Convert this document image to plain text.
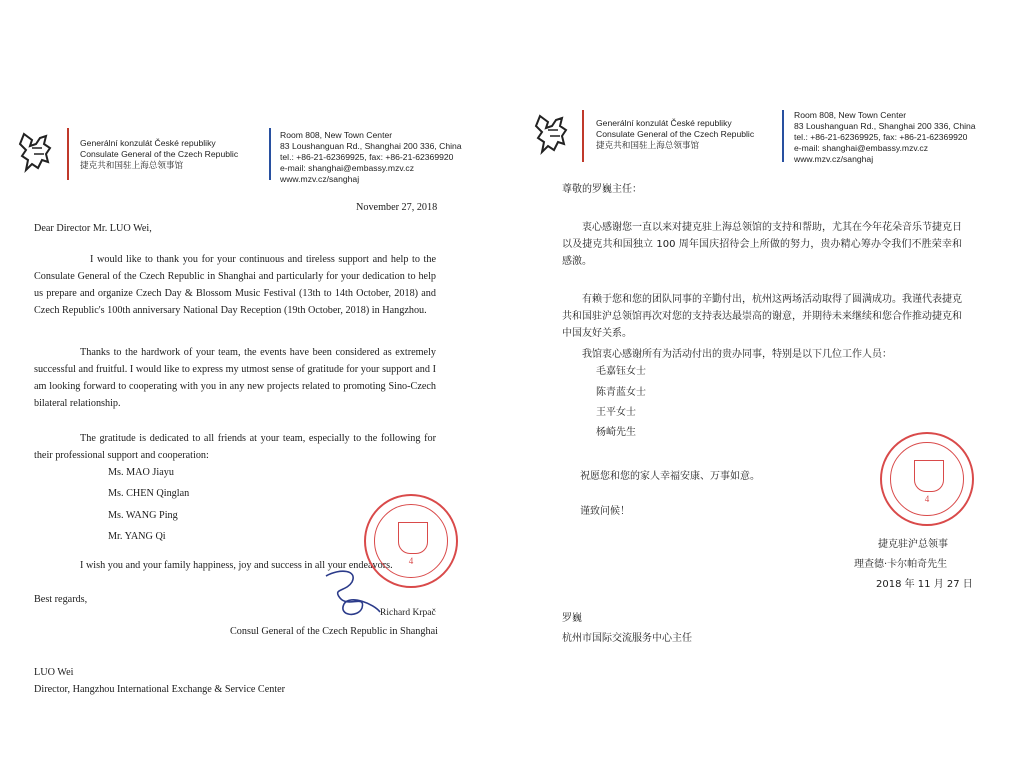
Generální konzulát České republiky
Consulate General of the Czech Republic
捷克共和国驻上海总领事馆
Room 808, New Town Center
83 Loushanguan Rd., Shanghai 200 336, China
tel.: +86-21-62369925, fax: +86-21-62369920
e-mail: shanghai@embassy.mzv.cz
www.mzv.cz/sanghaj
November 27, 2018
Dear Director Mr. LUO Wei,
I would like to thank you for your continuous and tireless support and help to the Consulate General of the Czech Republic in Shanghai and particularly for your dedication to help us prepare and organize Czech Day & Blossom Music Festival (13th to 14th October, 2018) and Czech Republic's 100th anniversary National Day Reception (19th October, 2018) in Hangzhou.
Thanks to the hardwork of your team, the events have been considered as extremely successful and fruitful. I would like to express my utmost sense of gratitude for your support and I am looking forward to cooperating with you in any new projects related to promoting Sino-Czech bilateral relationship.
The gratitude is dedicated to all friends at your team, especially to the following for their professional support and cooperation:
Ms. MAO Jiayu
Ms. CHEN Qinglan
Ms. WANG Ping
Mr. YANG Qi
I wish you and your family happiness, joy and success in all your endeavors.
Best regards,
4
Richard Krpač
Consul General of the Czech Republic in Shanghai
LUO Wei
Director, Hangzhou International Exchange & Service Center
Generální konzulát České republiky
Consulate General of the Czech Republic
捷克共和国驻上海总领事馆
Room 808, New Town Center
83 Loushanguan Rd., Shanghai 200 336, China
tel.: +86-21-62369925, fax: +86-21-62369920
e-mail: shanghai@embassy.mzv.cz
www.mzv.cz/sanghaj
尊敬的罗巍主任：
衷心感谢您一直以来对捷克驻上海总领馆的支持和帮助，尤其在今年花朵音乐节捷克日以及捷克共和国独立 100 周年国庆招待会上所做的努力，贵办精心筹办令我们不胜荣幸和感激。
有赖于您和您的团队同事的辛勤付出，杭州这两场活动取得了圆满成功。我谨代表捷克共和国驻沪总领馆再次对您的支持表达最崇高的谢意，并期待未来继续和您合作推动捷克和中国友好关系。
我馆衷心感谢所有为活动付出的贵办同事，特别是以下几位工作人员：
毛嘉钰女士
陈青蓝女士
王平女士
杨崎先生
祝愿您和您的家人幸福安康、万事如意。
谨致问候！
4
捷克驻沪总领事
理查德·卡尔帕奇先生
2018 年 11 月 27 日
罗巍
杭州市国际交流服务中心主任
